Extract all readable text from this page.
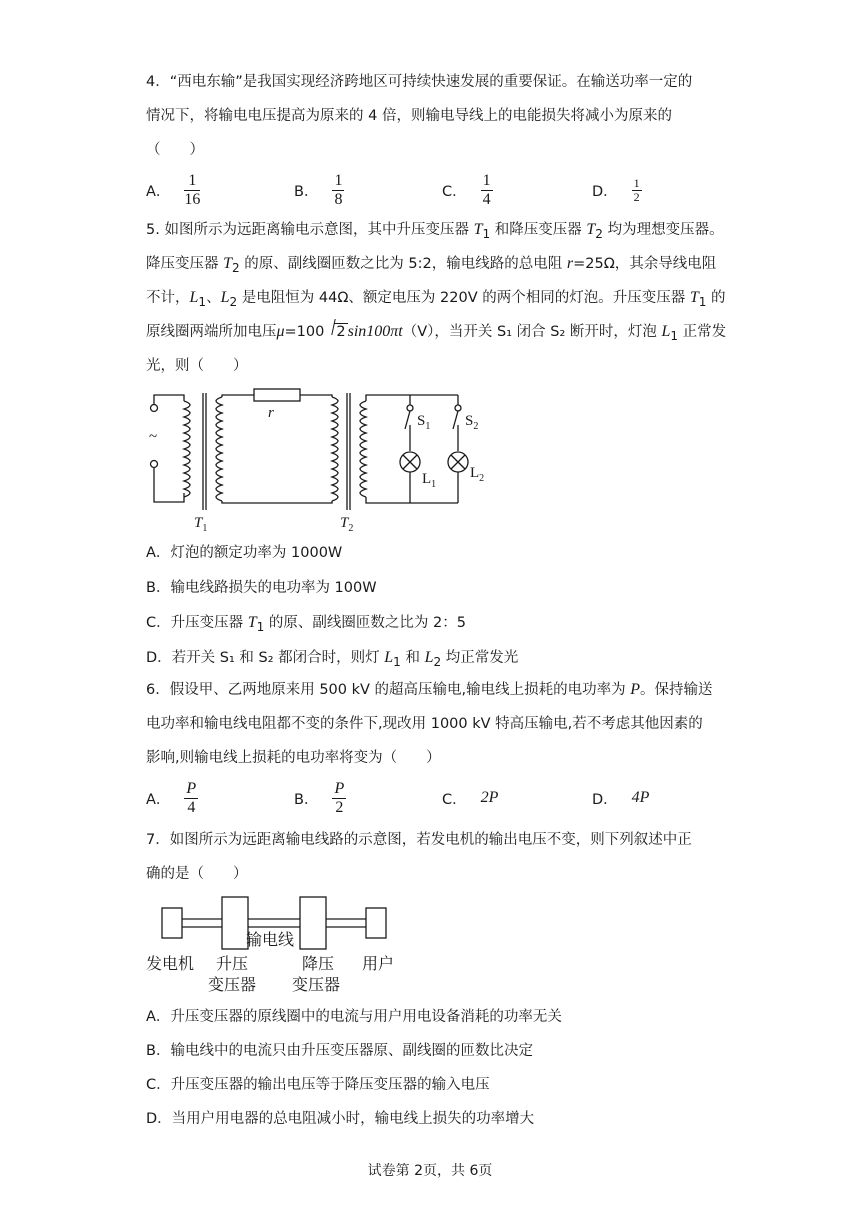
4．“西电东输”是我国实现经济跨地区可持续快速发展的重要保证。在输送功率一定的
情况下，将输电电压提高为原来的 4 倍，则输电导线上的电能损失将减小为原来的
（　　）
A． $\frac{1}{16}$	B． $\frac{1}{8}$	C． $\frac{1}{4}$	D． $\frac{1}{2}$
5. 如图所示为远距离输电示意图，其中升压变压器 $T_1$ 和降压变压器 $T_2$ 均为理想变压器。
降压变压器 $T_2$ 的原、副线圈匝数之比为 5:2，输电线路的总电阻 r=25Ω，其余导线电阻
不计，$L_1$、$L_2$ 是电阻恒为 44Ω、额定电压为 220V 的两个相同的灯泡。升压变压器 $T_1$ 的
原线圈两端所加电压μ=100 2 sin100πt（V），当开关 S₁ 闭合 S₂ 断开时，灯泡 $L_1$ 正常发
光，则（　　）
~
r	$S_1$ $S_2$
$L_1$
$L_2$
$T_1$	$T_2$
A．灯泡的额定功率为 1000W
B．输电线路损失的电功率为 100W
C．升压变压器 $T_1$ 的原、副线圈匝数之比为 2：5
D．若开关 S₁ 和 S₂ 都闭合时，则灯 $L_1$ 和 $L_2$ 均正常发光
6．假设甲、乙两地原来用 500 kV 的超高压输电,输电线上损耗的电功率为 P。保持输送
电功率和输电线电阻都不变的条件下,现改用 1000 kV 特高压输电,若不考虑其他因素的
影响,则输电线上损耗的电功率将变为（　　）
A． $\frac{P}{4}$	B． $\frac{P}{2}$	C． 2P	D． 4P
7．如图所示为远距离输电线路的示意图，若发电机的输出电压不变，则下列叙述中正
确的是（　　）
输电线
发电机 升压
变压器
降压
变压器
用户
A．升压变压器的原线圈中的电流与用户用电设备消耗的功率无关
B．输电线中的电流只由升压变压器原、副线圈的匝数比决定
C．升压变压器的输出电压等于降压变压器的输入电压
D．当用户用电器的总电阻减小时，输电线上损失的功率增大
试卷第 2页，共 6页
